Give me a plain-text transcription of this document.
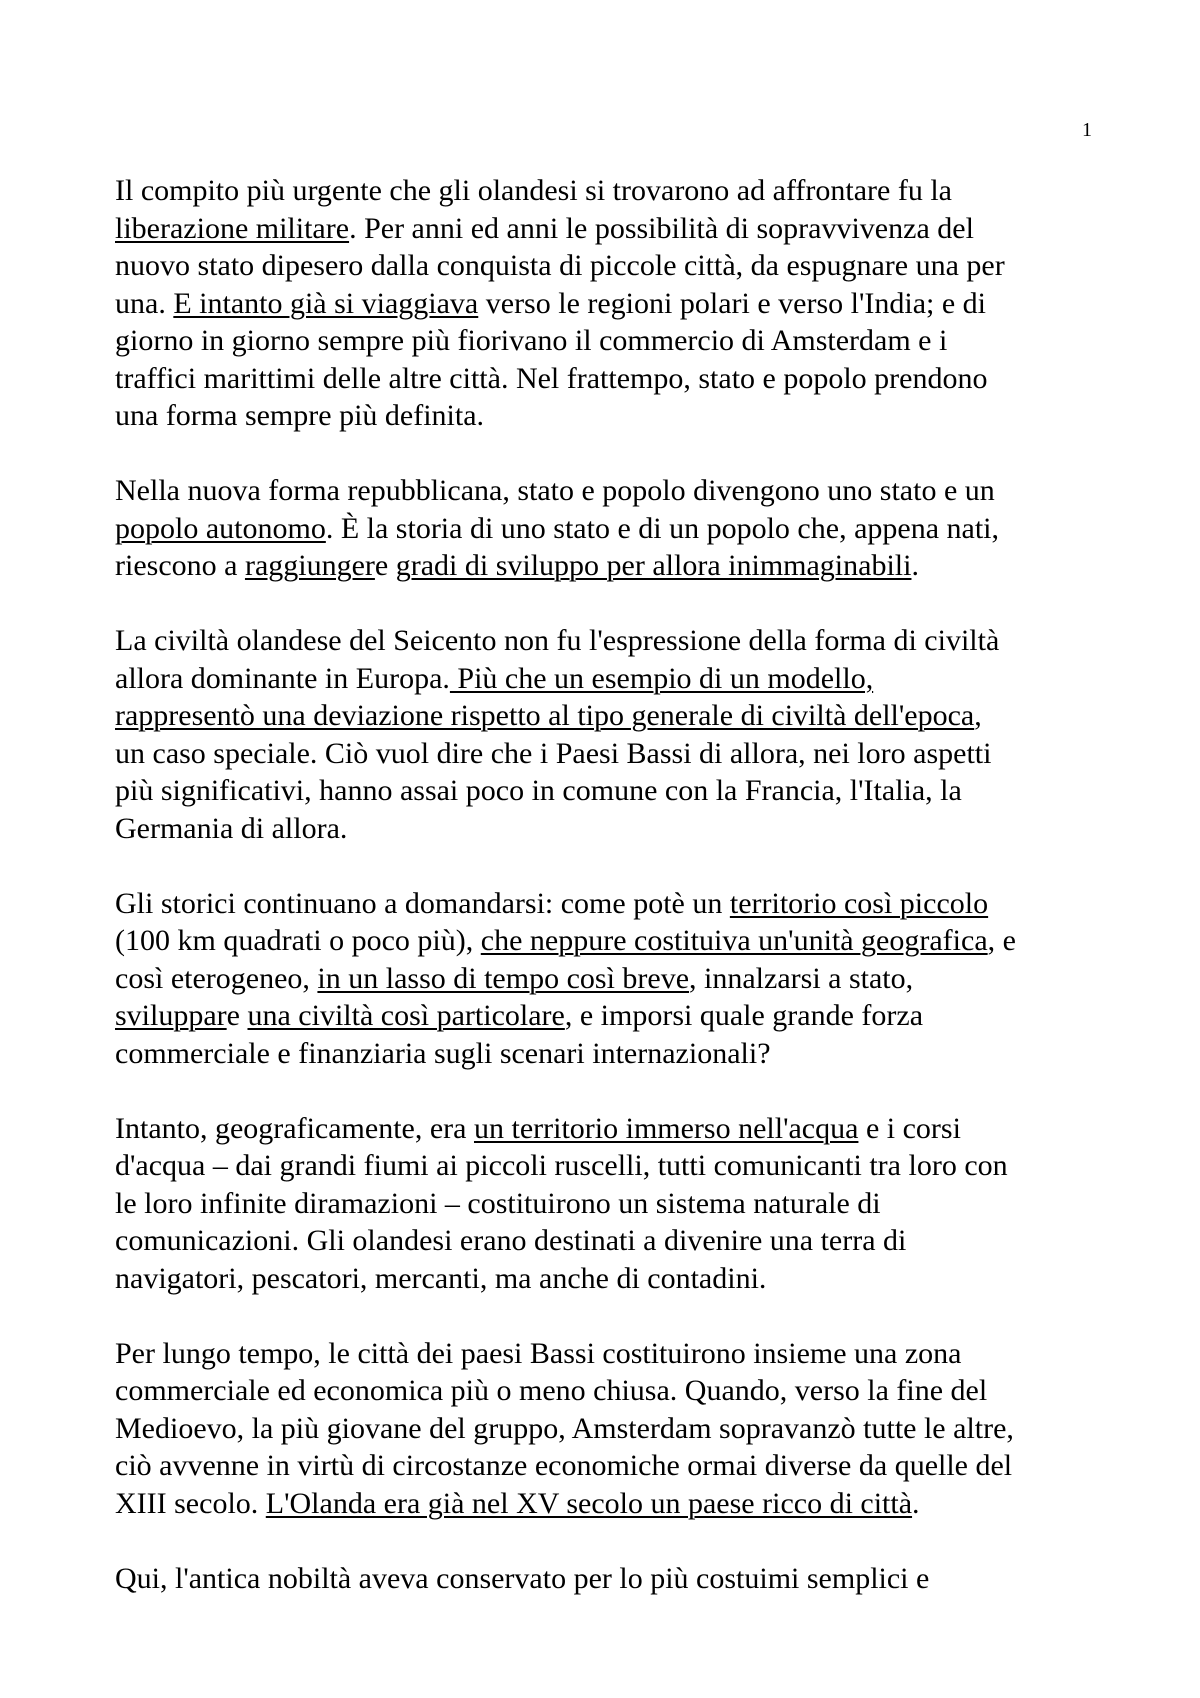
1
Il compito più urgente che gli olandesi si trovarono ad affrontare fu la
liberazione militare. Per anni ed anni le possibilità di sopravvivenza del
nuovo stato dipesero dalla conquista di piccole città, da espugnare una per
una. E intanto già si viaggiava verso le regioni polari e verso l'India; e di
giorno in giorno sempre più fiorivano il commercio di Amsterdam e i
traffici marittimi delle altre città. Nel frattempo, stato e popolo prendono
una forma sempre più definita.
Nella nuova forma repubblicana, stato e popolo divengono uno stato e un
popolo autonomo. È la storia di uno stato e di un popolo che, appena nati,
riescono a raggiungere gradi di sviluppo per allora inimmaginabili.
La civiltà olandese del Seicento non fu l'espressione della forma di civiltà
allora dominante in Europa. Più che un esempio di un modello,
rappresentò una deviazione rispetto al tipo generale di civiltà dell'epoca,
un caso speciale. Ciò vuol dire che i Paesi Bassi di allora, nei loro aspetti
più significativi, hanno assai poco in comune con la Francia, l'Italia, la
Germania di allora.
Gli storici continuano a domandarsi: come potè un territorio così piccolo
(100 km quadrati o poco più), che neppure costituiva un'unità geografica, e
così eterogeneo, in un lasso di tempo così breve, innalzarsi a stato,
sviluppare una civiltà così particolare, e imporsi quale grande forza
commerciale e finanziaria sugli scenari internazionali?
Intanto, geograficamente, era un territorio immerso nell'acqua e i corsi
d'acqua – dai grandi fiumi ai piccoli ruscelli, tutti comunicanti tra loro con
le loro infinite diramazioni – costituirono un sistema naturale di
comunicazioni. Gli olandesi erano destinati a divenire una terra di
navigatori, pescatori, mercanti, ma anche di contadini.
Per lungo tempo, le città dei paesi Bassi costituirono insieme una zona
commerciale ed economica più o meno chiusa. Quando, verso la fine del
Medioevo, la più giovane del gruppo, Amsterdam sopravanzò tutte le altre,
ciò avvenne in virtù di circostanze economiche ormai diverse da quelle del
XIII secolo. L'Olanda era già nel XV secolo un paese ricco di città.
Qui, l'antica nobiltà aveva conservato per lo più costuimi semplici e
